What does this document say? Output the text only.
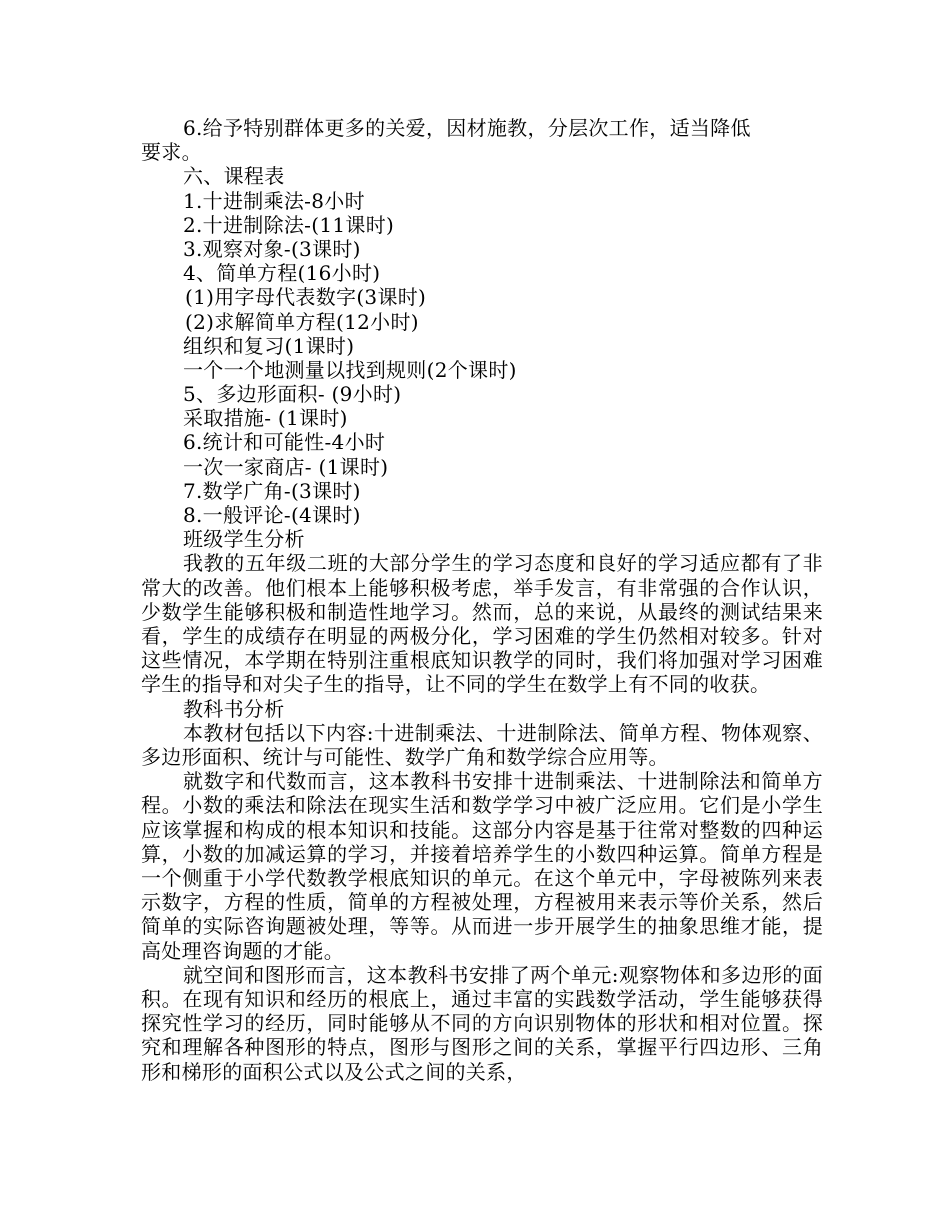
6.给予特别群体更多的关爱，因材施教，分层次工作，适当降低
要求。
六、课程表
1.十进制乘法-8小时
2.十进制除法-(11课时)
3.观察对象-(3课时)
4、简单方程(16小时)
(1)用字母代表数字(3课时)
(2)求解简单方程(12小时)
组织和复习(1课时)
一个一个地测量以找到规则(2个课时)
5、多边形面积- (9小时)
采取措施- (1课时)
6.统计和可能性-4小时
一次一家商店- (1课时)
7.数学广角-(3课时)
8.一般评论-(4课时)
班级学生分析
我教的五年级二班的大部分学生的学习态度和良好的学习适应都有了非常大的改善。他们根本上能够积极考虑，举手发言，有非常强的合作认识，少数学生能够积极和制造性地学习。然而，总的来说，从最终的测试结果来看，学生的成绩存在明显的两极分化，学习困难的学生仍然相对较多。针对这些情况，本学期在特别注重根底知识教学的同时，我们将加强对学习困难学生的指导和对尖子生的指导，让不同的学生在数学上有不同的收获。
教科书分析
本教材包括以下内容:十进制乘法、十进制除法、简单方程、物体观察、多边形面积、统计与可能性、数学广角和数学综合应用等。
就数字和代数而言，这本教科书安排十进制乘法、十进制除法和简单方程。小数的乘法和除法在现实生活和数学学习中被广泛应用。它们是小学生应该掌握和构成的根本知识和技能。这部分内容是基于往常对整数的四种运算，小数的加减运算的学习，并接着培养学生的小数四种运算。简单方程是一个侧重于小学代数教学根底知识的单元。在这个单元中，字母被陈列来表示数字，方程的性质，简单的方程被处理，方程被用来表示等价关系，然后简单的实际咨询题被处理，等等。从而进一步开展学生的抽象思维才能，提高处理咨询题的才能。
就空间和图形而言，这本教科书安排了两个单元:观察物体和多边形的面积。在现有知识和经历的根底上，通过丰富的实践数学活动，学生能够获得探究性学习的经历，同时能够从不同的方向识别物体的形状和相对位置。探究和理解各种图形的特点，图形与图形之间的关系，掌握平行四边形、三角形和梯形的面积公式以及公式之间的关系，
